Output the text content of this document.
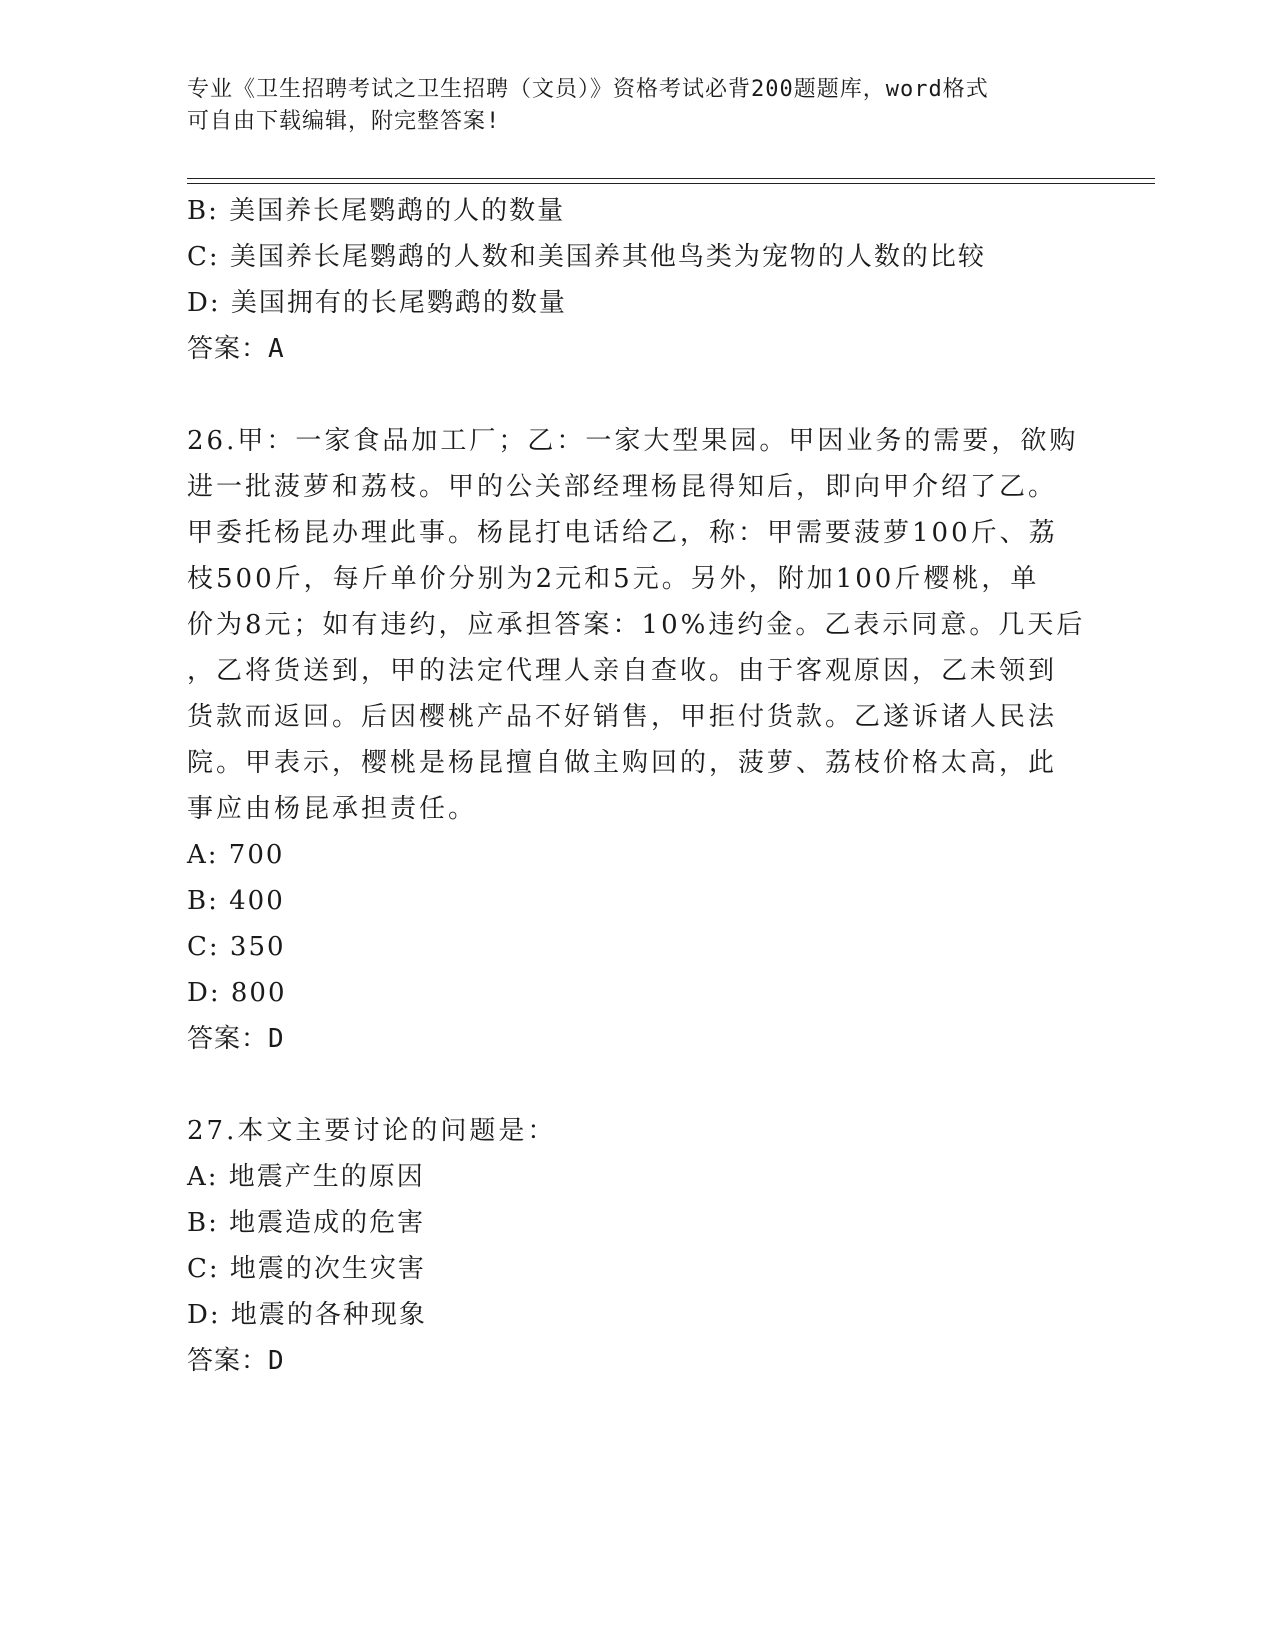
专业《卫生招聘考试之卫生招聘（文员）》资格考试必背200题题库，word格式
可自由下载编辑，附完整答案!
B: 美国养长尾鹦鹉的人的数量
C: 美国养长尾鹦鹉的人数和美国养其他鸟类为宠物的人数的比较
D: 美国拥有的长尾鹦鹉的数量
答案：A
26.甲：一家食品加工厂；乙：一家大型果园。甲因业务的需要，欲购
进一批菠萝和荔枝。甲的公关部经理杨昆得知后，即向甲介绍了乙。
甲委托杨昆办理此事。杨昆打电话给乙，称：甲需要菠萝100斤、荔
枝500斤，每斤单价分别为2元和5元。另外，附加100斤樱桃，单
价为8元；如有违约，应承担答案：10%违约金。乙表示同意。几天后
，乙将货送到，甲的法定代理人亲自查收。由于客观原因，乙未领到
货款而返回。后因樱桃产品不好销售，甲拒付货款。乙遂诉诸人民法
院。甲表示，樱桃是杨昆擅自做主购回的，菠萝、荔枝价格太高，此
事应由杨昆承担责任。
A: 700
B: 400
C: 350
D: 800
答案：D
27.本文主要讨论的问题是：
A: 地震产生的原因
B: 地震造成的危害
C: 地震的次生灾害
D: 地震的各种现象
答案：D
